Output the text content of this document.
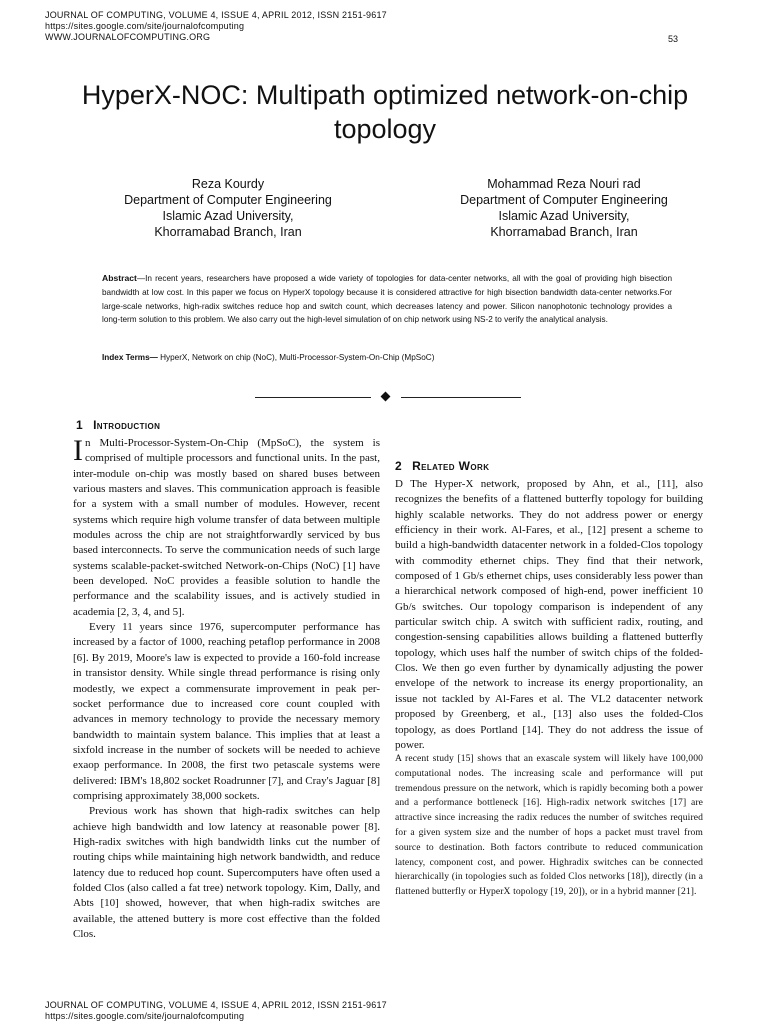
JOURNAL OF COMPUTING, VOLUME 4, ISSUE 4, APRIL 2012, ISSN 2151-9617
https://sites.google.com/site/journalofcomputing
WWW.JOURNALOFCOMPUTING.ORG	53
HyperX-NOC: Multipath optimized network-on-chip topology
Reza Kourdy
Department of Computer Engineering
Islamic Azad University,
Khorramabad Branch, Iran
Mohammad Reza Nouri rad
Department of Computer Engineering
Islamic Azad University,
Khorramabad Branch, Iran
Abstract—In recent years, researchers have proposed a wide variety of topologies for data-center networks, all with the goal of providing high bisection bandwidth at low cost. In this paper we focus on HyperX topology because it is considered attractive for high bisection bandwidth data-center networks.For large-scale networks, high-radix switches reduce hop and switch count, which decreases latency and power. Silicon nanophotonic technology provides a long-term solution to this problem. We also carry out the high-level simulation of on chip network using NS-2 to verify the analytical analysis.
Index Terms— HyperX, Network on chip (NoC), Multi-Processor-System-On-Chip (MpSoC)
1 Introduction

In Multi-Processor-System-On-Chip (MpSoC), the system is comprised of multiple processors and functional units. In the past, inter-module on-chip was mostly based on shared buses between various masters and slaves. This communication approach is feasible for a system with a small number of modules. However, recent systems which require high volume transfer of data between multiple modules across the chip are not straightforwardly serviced by bus based interconnects. To serve the communication needs of such large systems scalable-packet-switched Network-on-Chips (NoC) [1] have been developed. NoC provides a feasible solution to handle the performance and the scalability issues, and is actively studied in academia [2, 3, 4, and 5].

Every 11 years since 1976, supercomputer performance has increased by a factor of 1000, reaching petaflop performance in 2008 [6]. By 2019, Moore's law is expected to provide a 160-fold increase in transistor density. While single thread performance is rising only modestly, we expect a commensurate improvement in peak per-socket performance due to increased core count coupled with advances in memory technology to provide the necessary memory bandwidth to maintain system balance. This implies that at least a sixfold increase in the number of sockets will be needed to achieve exaop performance. In 2008, the first two petascale systems were delivered: IBM's 18,802 socket Roadrunner [7], and Cray's Jaguar [8] comprising approximately 38,000 sockets.

Previous work has shown that high-radix switches can help achieve high bandwidth and low latency at reasonable power [8]. High-radix switches with high bandwidth links cut the number of routing chips while maintaining high network bandwidth, and reduce latency due to reduced hop count. Supercomputers have often used a folded Clos (also called a fat tree) network topology. Kim, Dally, and Abts [10] showed, however, that when high-radix switches are available, the attened buttery is more cost effective than the folded Clos.

2 Related Work

D The Hyper-X network, proposed by Ahn, et al., [11], also recognizes the benefits of a flattened butterfly topology for building highly scalable networks. They do not address power or energy efficiency in their work. Al-Fares, et al., [12] present a scheme to build a high-bandwidth datacenter network in a folded-Clos topology with commodity ethernet chips. They find that their network, composed of 1 Gb/s ethernet chips, uses considerably less power than a hierarchical network composed of high-end, power inefficient 10 Gb/s switches. Our topology comparison is independent of any particular switch chip. A switch with sufficient radix, routing, and congestion-sensing capabilities allows building a flattened butterfly topology, which uses half the number of switch chips of the folded-Clos. We then go even further by dynamically adjusting the power envelope of the network to increase its energy proportionality, an issue not tackled by Al-Fares et al. The VL2 datacenter network proposed by Greenberg, et al., [13] also uses the folded-Clos topology, as does Portland [14]. They do not address the issue of power.

A recent study [15] shows that an exascale system will likely have 100,000 computational nodes. The increasing scale and performance will put tremendous pressure on the network, which is rapidly becoming both a power and a performance bottleneck [16]. High-radix network switches [17] are attractive since increasing the radix reduces the number of switches required for a given system size and the number of hops a packet must travel from source to destination. Both factors contribute to reduced communication latency, component cost, and power. Highradix switches can be connected hierarchically (in topologies such as folded Clos networks [18]), directly (in a flattened butterfly or HyperX topology [19, 20]), or in a hybrid manner [21].

JOURNAL OF COMPUTING, VOLUME 4, ISSUE 4, APRIL 2012, ISSN 2151-9617
https://sites.google.com/site/journalofcomputing
